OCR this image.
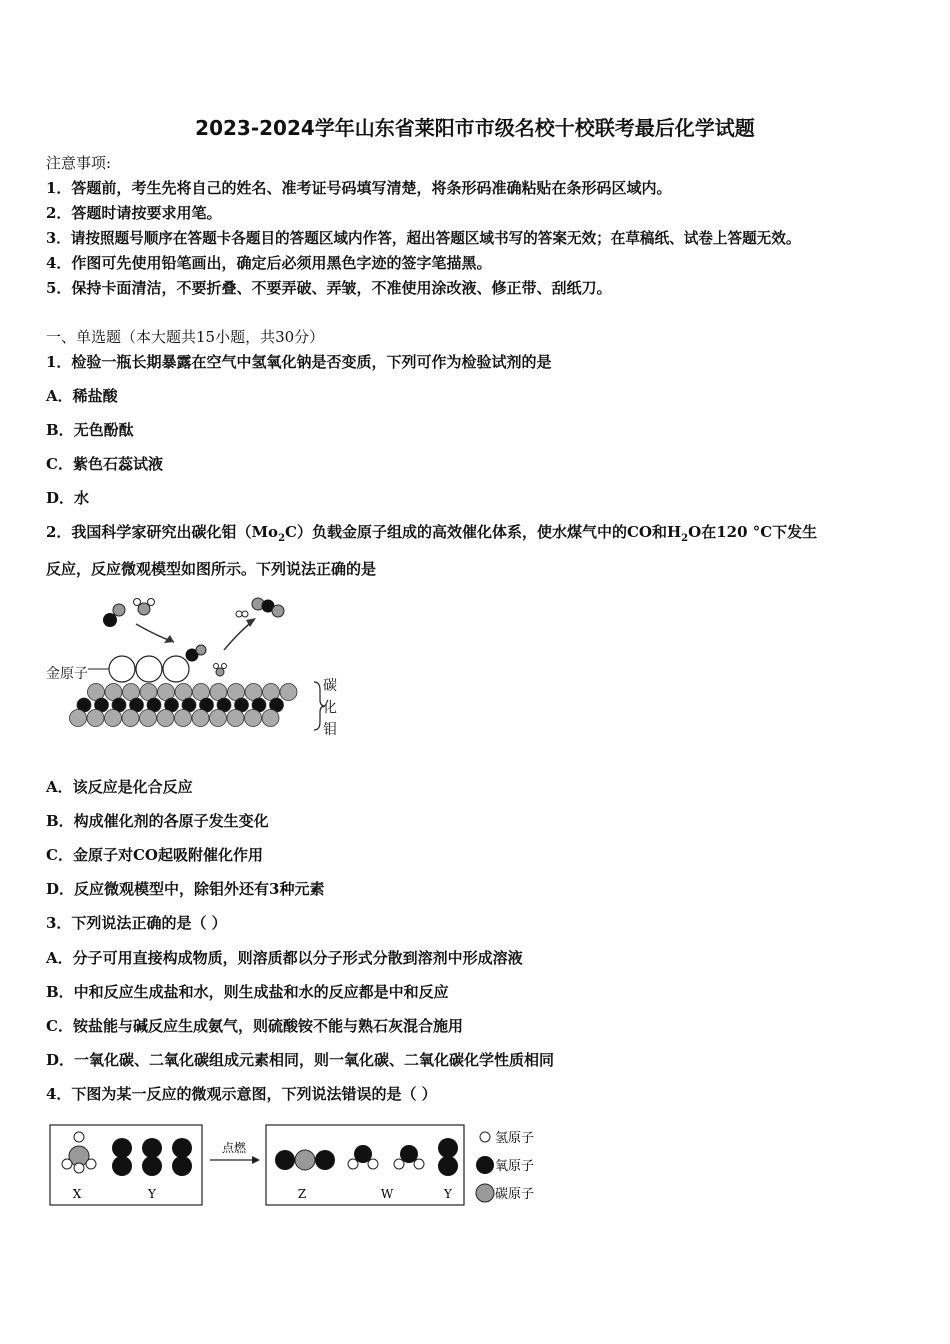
2023-2024学年山东省莱阳市市级名校十校联考最后化学试题
注意事项:
1．答题前，考生先将自己的姓名、准考证号码填写清楚，将条形码准确粘贴在条形码区域内。
2．答题时请按要求用笔。
3．请按照题号顺序在答题卡各题目的答题区域内作答，超出答题区域书写的答案无效；在草稿纸、试卷上答题无效。
4．作图可先使用铅笔画出，确定后必须用黑色字迹的签字笔描黑。
5．保持卡面清洁，不要折叠、不要弄破、弄皱，不准使用涂改液、修正带、刮纸刀。
一、单选题（本大题共15小题，共30分）
1．检验一瓶长期暴露在空气中氢氧化钠是否变质，下列可作为检验试剂的是
A．稀盐酸
B．无色酚酞
C．紫色石蕊试液
D．水
2．我国科学家研究出碳化钼$(Mo_2C)$负载金原子组成的高效催化体系，使水煤气中的CO和$H_2O$在120 °C下发生
反应，反应微观模型如图所示。下列说法正确的是
金原子
碳
化
钼
A．该反应是化合反应
B．构成催化剂的各原子发生变化
C．金原子对CO起吸附催化作用
D．反应微观模型中，除钼外还有3种元素
3．下列说法正确的是（ ）
A．分子可用直接构成物质，则溶质都以分子形式分散到溶剂中形成溶液
B．中和反应生成盐和水，则生成盐和水的反应都是中和反应
C．铵盐能与碱反应生成氨气，则硫酸铵不能与熟石灰混合施用
D．一氧化碳、二氧化碳组成元素相同，则一氧化碳、二氧化碳化学性质相同
4．下图为某一反应的微观示意图，下列说法错误的是（ ）
X	Y
点燃
Z	W	Y
氢原子
氧原子
碳原子
